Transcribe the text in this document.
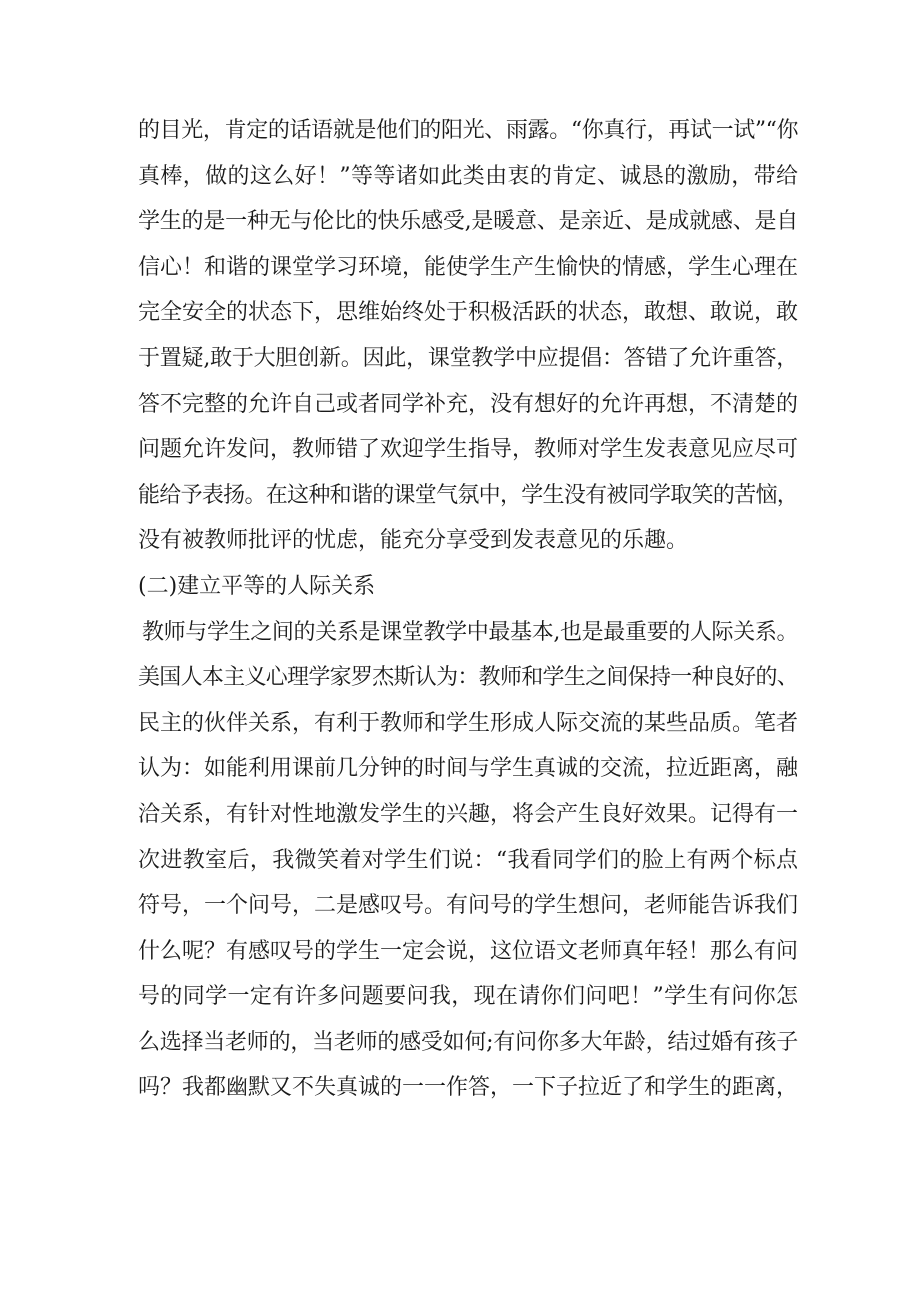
的目光，肯定的话语就是他们的阳光、雨露。“你真行，再试一试”“你
真棒，做的这么好！”等等诸如此类由衷的肯定、诚恳的激励，带给
学生的是一种无与伦比的快乐感受,是暖意、是亲近、是成就感、是自
信心！和谐的课堂学习环境，能使学生产生愉快的情感，学生心理在
完全安全的状态下，思维始终处于积极活跃的状态，敢想、敢说，敢
于置疑,敢于大胆创新。因此，课堂教学中应提倡：答错了允许重答，
答不完整的允许自己或者同学补充，没有想好的允许再想，不清楚的
问题允许发问，教师错了欢迎学生指导，教师对学生发表意见应尽可
能给予表扬。在这种和谐的课堂气氛中，学生没有被同学取笑的苦恼，
没有被教师批评的忧虑，能充分享受到发表意见的乐趣。
(二)建立平等的人际关系
教师与学生之间的关系是课堂教学中最基本,也是最重要的人际关系。
美国人本主义心理学家罗杰斯认为：教师和学生之间保持一种良好的、
民主的伙伴关系，有利于教师和学生形成人际交流的某些品质。笔者
认为：如能利用课前几分钟的时间与学生真诚的交流，拉近距离，融
洽关系，有针对性地激发学生的兴趣，将会产生良好效果。记得有一
次进教室后，我微笑着对学生们说：“我看同学们的脸上有两个标点
符号，一个问号，二是感叹号。有问号的学生想问，老师能告诉我们
什么呢？有感叹号的学生一定会说，这位语文老师真年轻！那么有问
号的同学一定有许多问题要问我，现在请你们问吧！”学生有问你怎
么选择当老师的，当老师的感受如何;有问你多大年龄，结过婚有孩子
吗？我都幽默又不失真诚的一一作答，一下子拉近了和学生的距离，
